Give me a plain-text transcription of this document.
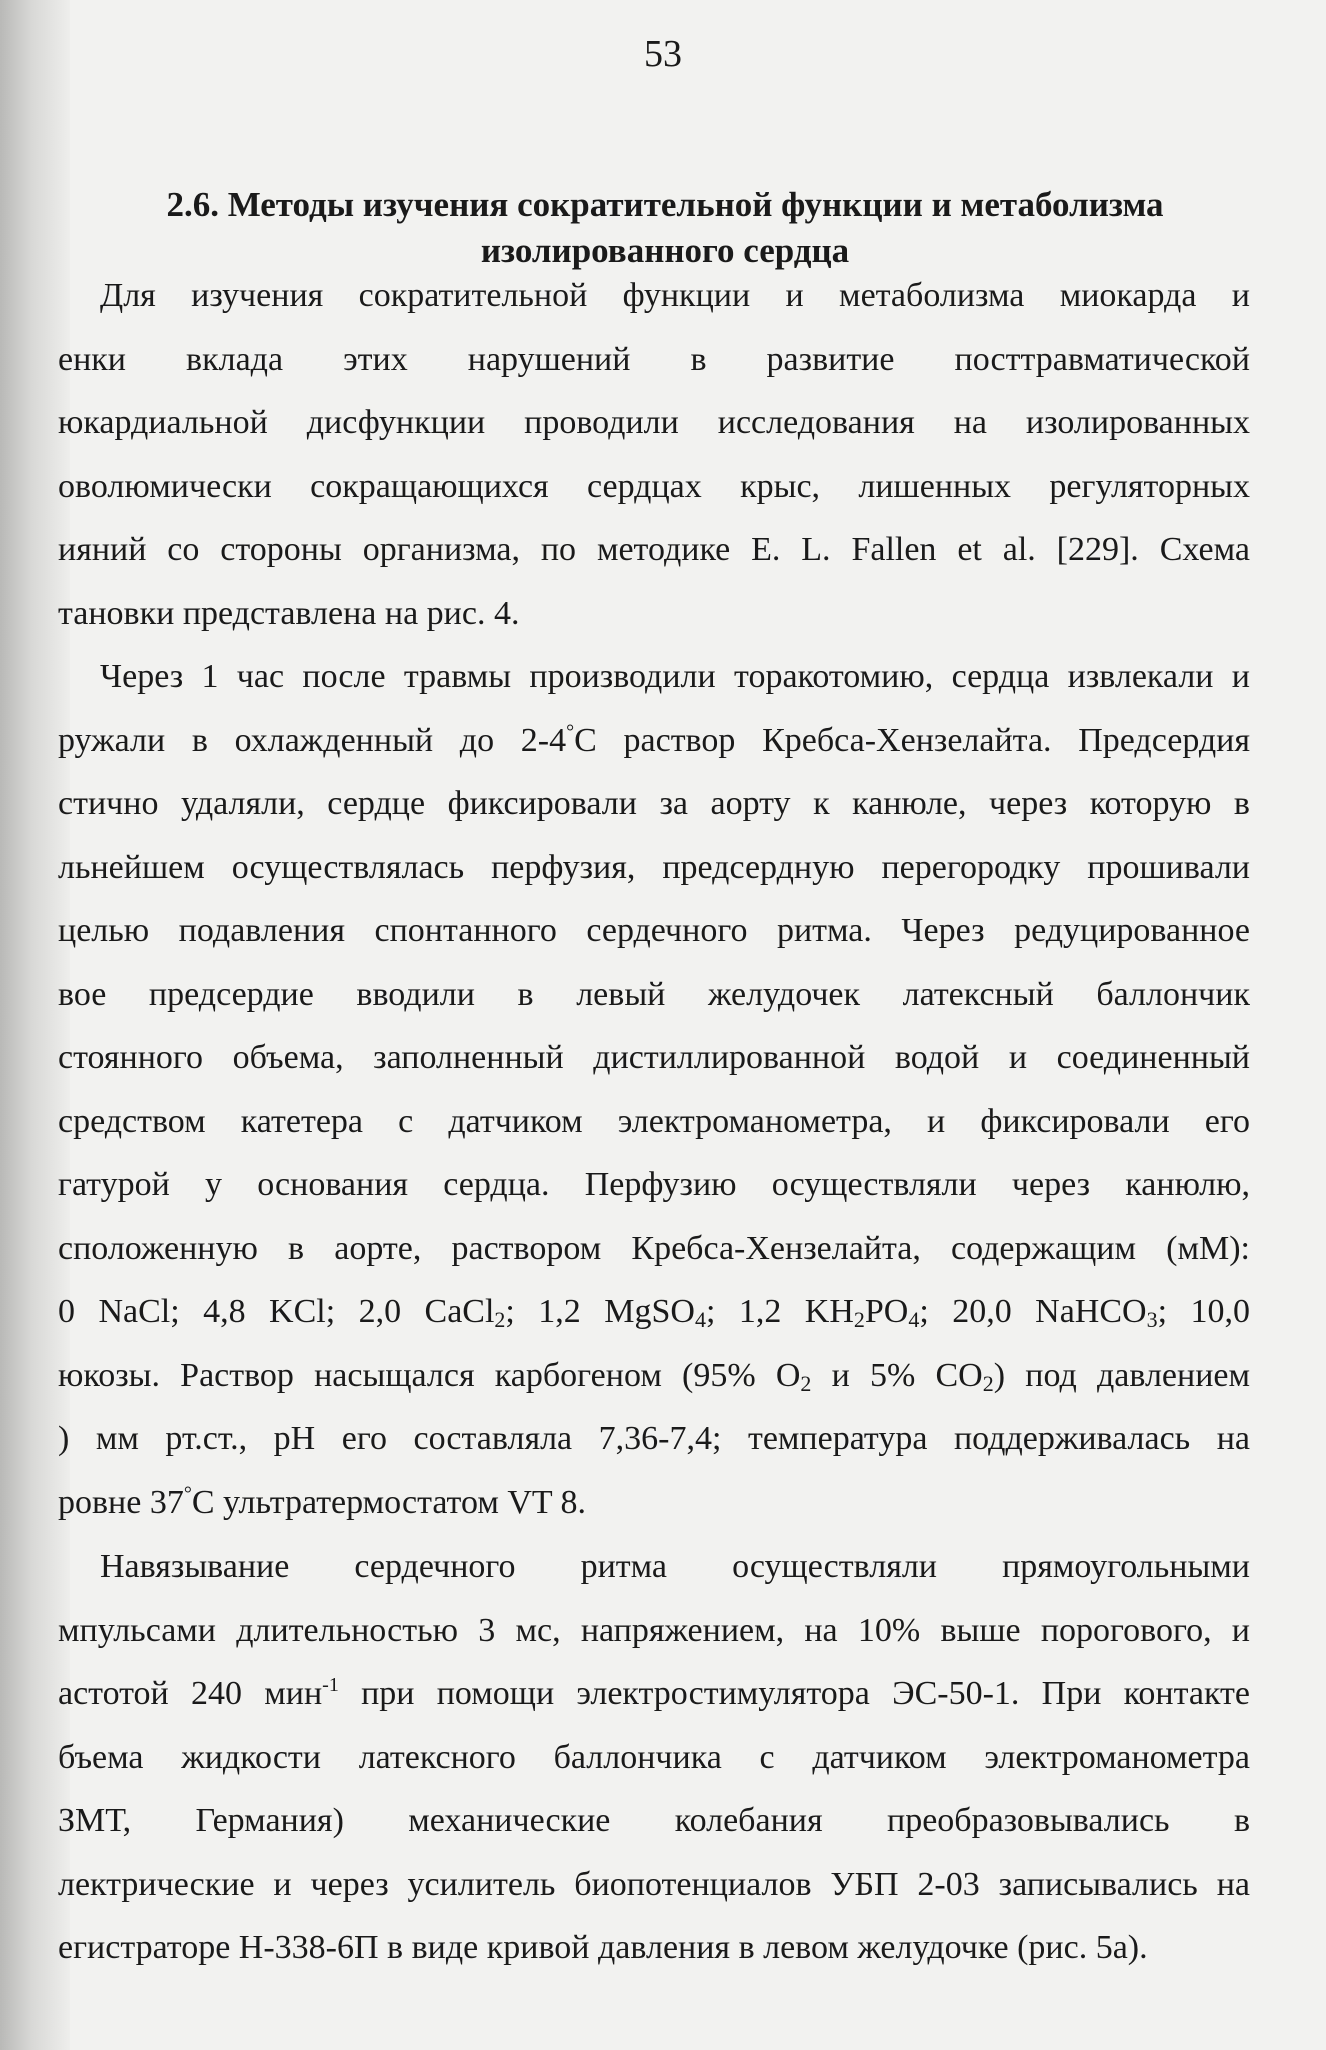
53
2.6. Методы изучения сократительной функции и метаболизма
изолированного сердца
Для изучения сократительной функции и метаболизма миокарда и
енки вклада этих нарушений в развитие посттравматической
юкардиальной дисфункции проводили исследования на изолированных
оволюмически сокращающихся сердцах крыс, лишенных регуляторных
ияний со стороны организма, по методике E. L. Fallen et al. [229]. Схема
тановки представлена на рис. 4.
Через 1 час после травмы производили торакотомию, сердца извлекали и
ружали в охлажденный до 2-4°С раствор Кребса-Хензелайта. Предсердия
стично удаляли, сердце фиксировали за аорту к канюле, через которую в
льнейшем осуществлялась перфузия, предсердную перегородку прошивали
целью подавления спонтанного сердечного ритма. Через редуцированное
вое предсердие вводили в левый желудочек латексный баллончик
стоянного объема, заполненный дистиллированной водой и соединенный
средством катетера с датчиком электроманометра, и фиксировали его
гатурой у основания сердца. Перфузию осуществляли через канюлю,
сположенную в аорте, раствором Кребса-Хензелайта, содержащим (мМ):
0 NaCl; 4,8 KCl; 2,0 CaCl$_2$; 1,2 MgSO$_4$; 1,2 $KH_2PO_4$; 20,0 NaHCO$_3$; 10,0
юкозы. Раствор насыщался карбогеном (95% $O_2$ и 5% $CO_2$) под давлением
) мм рт.ст., pH его составляла 7,36-7,4; температура поддерживалась на
ровне 37°С ультратермостатом VT 8.
Навязывание сердечного ритма осуществляли прямоугольными
мпульсами длительностью 3 мс, напряжением, на 10% выше порогового, и
астотой 240 мин$^{-1}$ при помощи электростимулятора ЭС-50-1. При контакте
бъема жидкости латексного баллончика с датчиком электроманометра
ЗМТ, Германия) механические колебания преобразовывались в
лектрические и через усилитель биопотенциалов УБП 2-03 записывались на
егистраторе Н-338-6П в виде кривой давления в левом желудочке (рис. 5а).
